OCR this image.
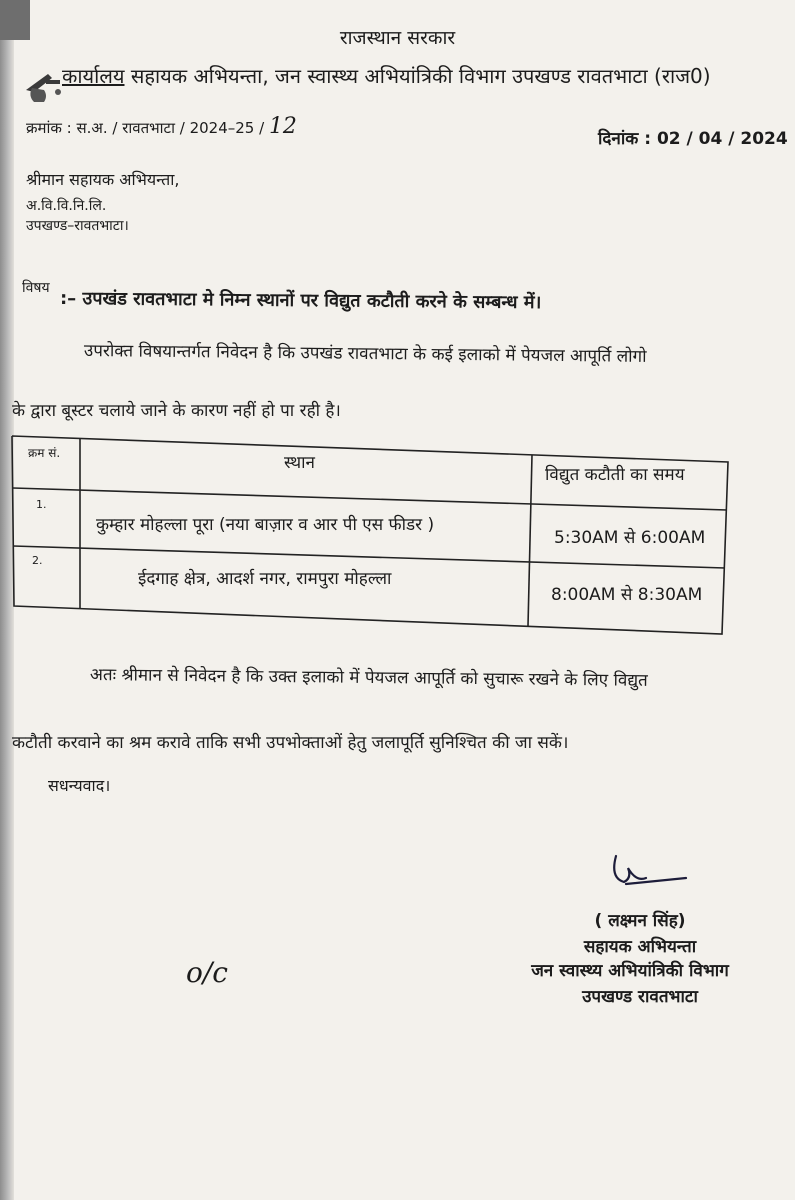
राजस्थान सरकार
कार्यालय सहायक अभियन्ता, जन स्वास्थ्य अभियांत्रिकी विभाग उपखण्ड रावतभाटा (राज0)
क्रमांक : स.अ. / रावतभाटा / 2024–25 / 12	दिनांक : 02 / 04 / 2024
श्रीमान सहायक अभियन्ता,
अ.वि.वि.नि.लि.
उपखण्ड–रावतभाटा।
विषय
:– उपखंड रावतभाटा मे निम्न स्थानों पर विद्युत कटौती करने के सम्बन्ध में।
उपरोक्त विषयान्तर्गत निवेदन है कि उपखंड रावतभाटा के कई इलाको में पेयजल आपूर्ति लोगो
के द्वारा बूस्टर चलाये जाने के कारण नहीं हो पा रही है।
क्रम सं.	स्थान
विद्युत कटौती का समय
1.
कुम्हार मोहल्ला पूरा (नया बाज़ार व आर पी एस फीडर )
5:30AM से 6:00AM
2.
ईदगाह क्षेत्र, आदर्श नगर, रामपुरा मोहल्ला
8:00AM से 8:30AM
अतः श्रीमान से निवेदन है कि उक्त इलाको में पेयजल आपूर्ति को सुचारू रखने के लिए विद्युत
कटौती करवाने का श्रम करावे ताकि सभी उपभोक्ताओं हेतु जलापूर्ति सुनिश्चित की जा सकें।
सधन्यवाद।
( लक्ष्मन सिंह)
सहायक अभियन्ता
जन स्वास्थ्य अभियांत्रिकी विभाग
उपखण्ड रावतभाटा
o/c
